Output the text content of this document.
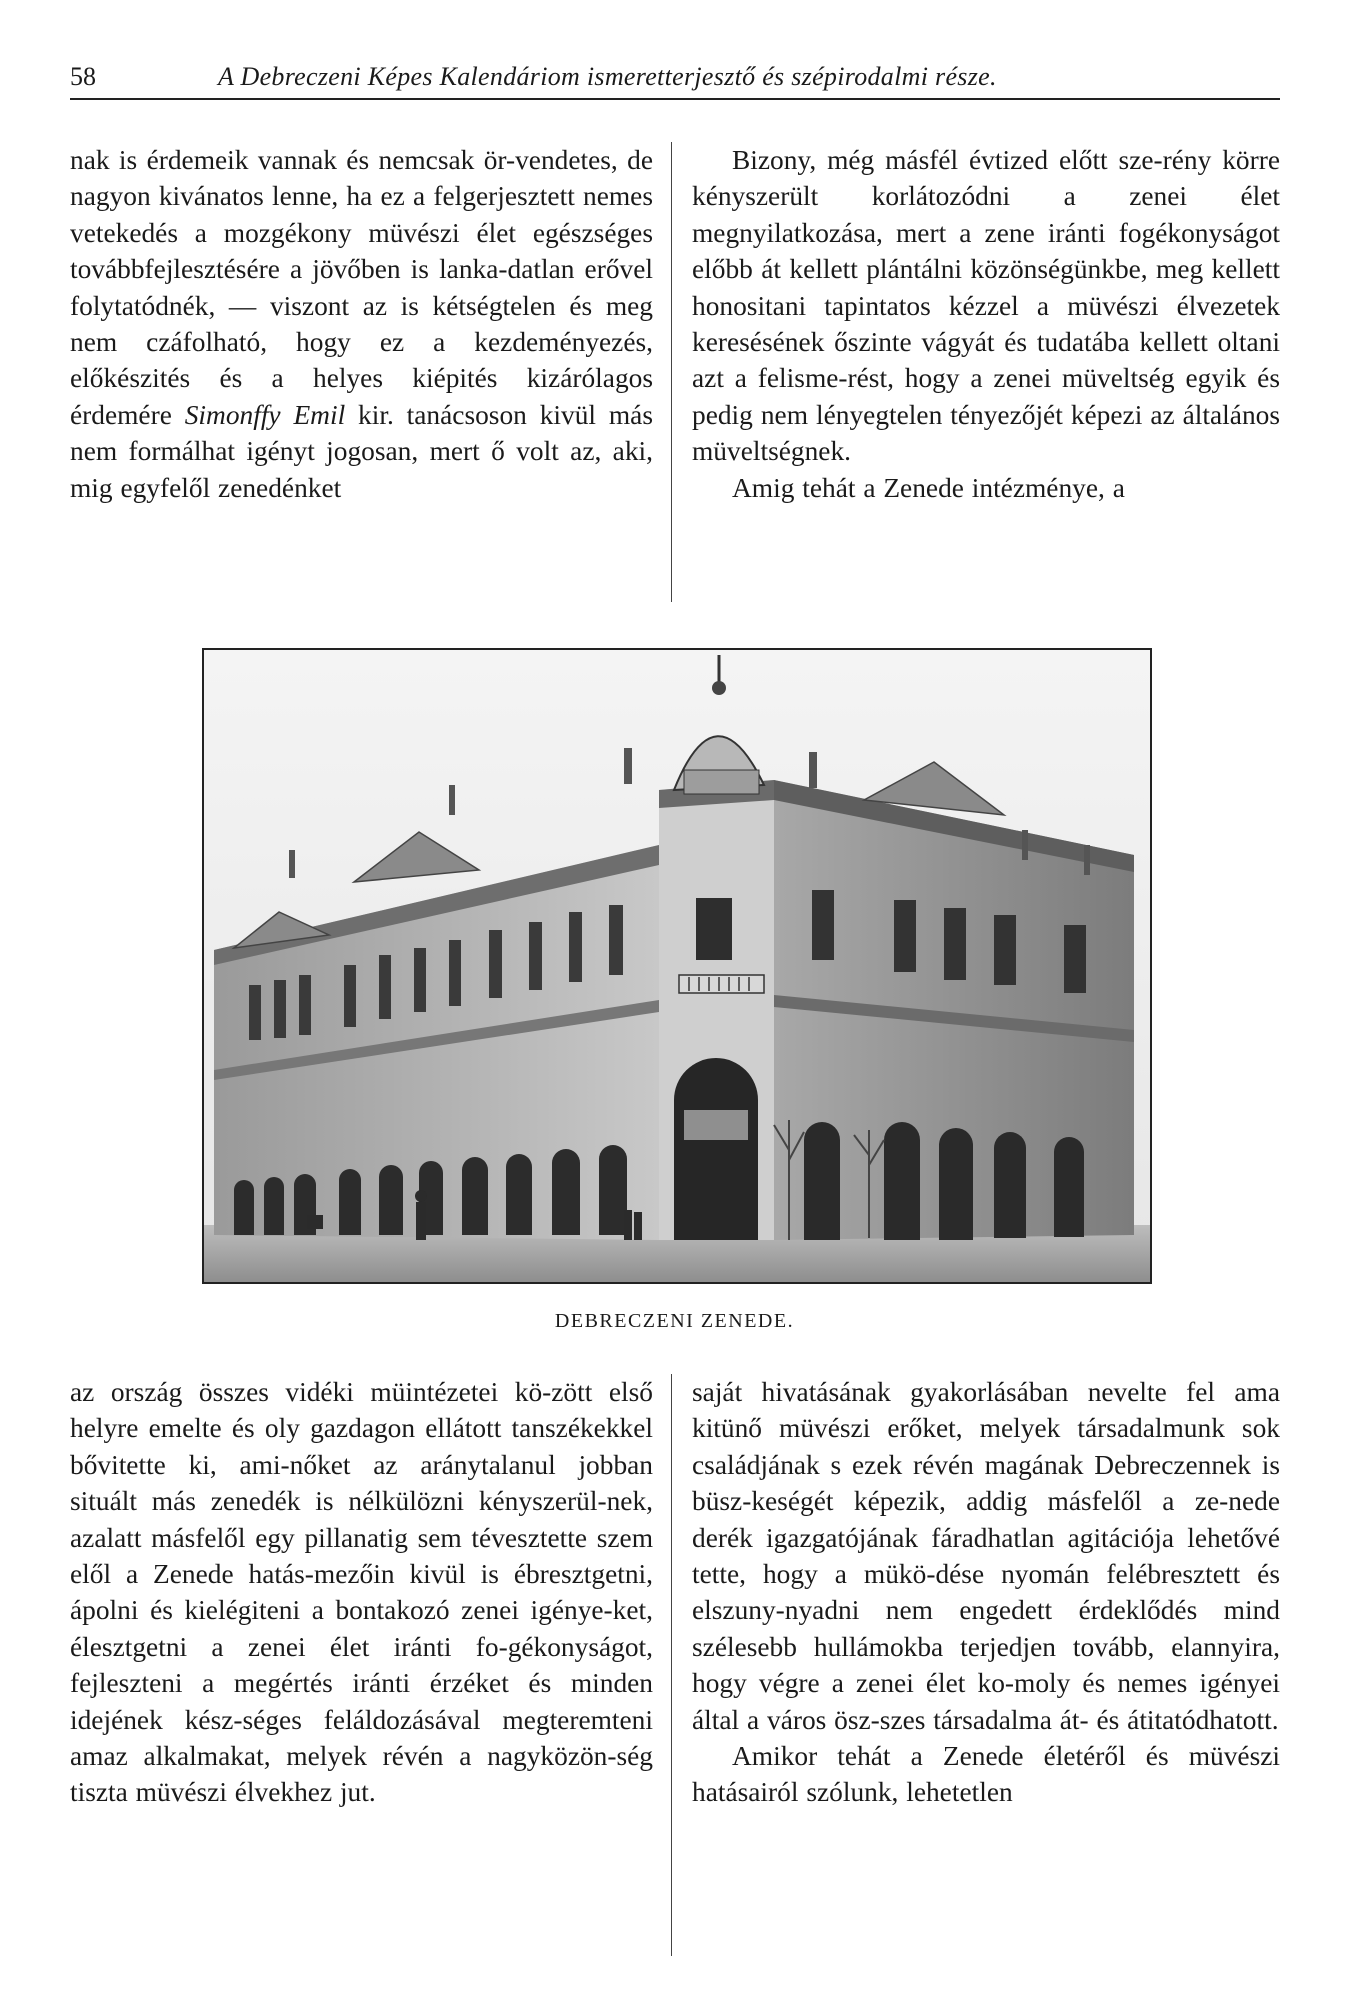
58	A Debreczeni Képes Kalendáriom ismeretterjesztő és szépirodalmi része.

nak is érdemeik vannak és nemcsak ör-vendetes, de nagyon kivánatos lenne, ha ez a felgerjesztett nemes vetekedés a mozgékony müvészi élet egészséges továbbfejlesztésére a jövőben is lanka-datlan erővel folytatódnék, — viszont az is kétségtelen és meg nem czáfolható, hogy ez a kezdeményezés, előkészités és a helyes kiépités kizárólagos érdemére Simonffy Emil kir. tanácsoson kivül más nem formálhat igényt jogosan, mert ő volt az, aki, mig egyfelől zenedénket

Bizony, még másfél évtized előtt sze-rény körre kényszerült korlátozódni a zenei élet megnyilatkozása, mert a zene iránti fogékonyságot előbb át kellett plántálni közönségünkbe, meg kellett honositani tapintatos kézzel a müvészi élvezetek keresésének őszinte vágyát és tudatába kellett oltani azt a felisme-rést, hogy a zenei müveltség egyik és pedig nem lényegtelen tényezőjét képezi az általános müveltségnek.

Amig tehát a Zenede intézménye, a

DEBRECZENI ZENEDE.

az ország összes vidéki müintézetei kö-zött első helyre emelte és oly gazdagon ellátott tanszékekkel bővitette ki, ami-nőket az aránytalanul jobban situált más zenedék is nélkülözni kényszerül-nek, azalatt másfelől egy pillanatig sem tévesztette szem elől a Zenede hatás-mezőin kivül is ébresztgetni, ápolni és kielégiteni a bontakozó zenei igénye-ket, élesztgetni a zenei élet iránti fo-gékonyságot, fejleszteni a megértés iránti érzéket és minden idejének kész-séges feláldozásával megteremteni amaz alkalmakat, melyek révén a nagyközön-ség tiszta müvészi élvekhez jut.

saját hivatásának gyakorlásában nevelte fel ama kitünő müvészi erőket, melyek társadalmunk sok családjának s ezek révén magának Debreczennek is büsz-keségét képezik, addig másfelől a ze-nede derék igazgatójának fáradhatlan agitációja lehetővé tette, hogy a mükö-dése nyomán felébresztett és elszuny-nyadni nem engedett érdeklődés mind szélesebb hullámokba terjedjen tovább, elannyira, hogy végre a zenei élet ko-moly és nemes igényei által a város ösz-szes társadalma át- és átitatódhatott.

Amikor tehát a Zenede életéről és müvészi hatásairól szólunk, lehetetlen
